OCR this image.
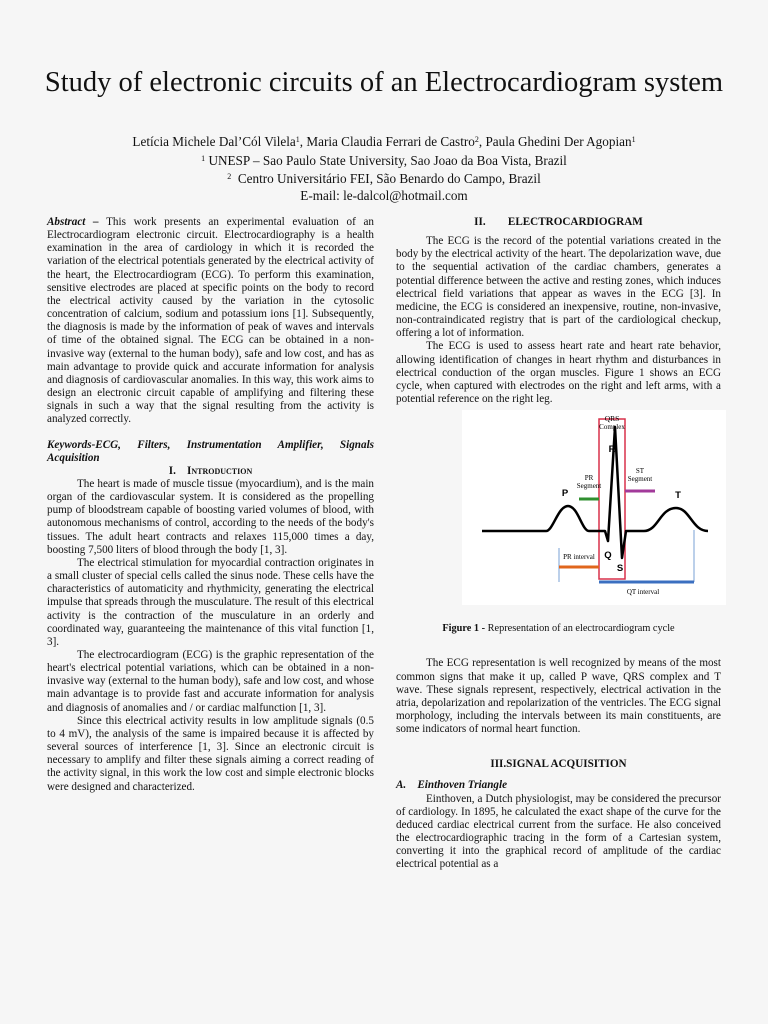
Study of electronic circuits of an Electrocardiogram system
Letícia Michele Dal’Cól Vilela$^1$, Maria Claudia Ferrari de Castro$^2$, Paula Ghedini Der Agopian$^1$
$^1$ UNESP – Sao Paulo State University, Sao Joao da Boa Vista, Brazil
$^2$ Centro Universitário FEI, São Benardo do Campo, Brazil
E-mail: le-dalcol@hotmail.com

Abstract – This work presents an experimental evaluation of an Electrocardiogram electronic circuit. Electrocardiography is a health examination in the area of cardiology in which it is recorded the variation of the electrical potentials generated by the electrical activity of the heart, the Electrocardiogram (ECG). To perform this examination, sensitive electrodes are placed at specific points on the body to record the electrical activity caused by the variation in the cytosolic concentration of calcium, sodium and potassium ions [1]. Subsequently, the diagnosis is made by the information of peak of waves and intervals of time of the obtained signal. The ECG can be obtained in a non-invasive way (external to the human body), safe and low cost, and has as main advantage to provide quick and accurate information for analysis and diagnosis of cardiovascular anomalies. In this way, this work aims to design an electronic circuit capable of amplifying and filtering these signals in such a way that the signal resulting from the activity is analyzed correctly.

Keywords-ECG, Filters, Instrumentation Amplifier, Signals Acquisition

I. Introduction

The heart is made of muscle tissue (myocardium), and is the main organ of the cardiovascular system. It is considered as the propelling pump of bloodstream capable of boosting varied volumes of blood, with autonomous mechanisms of control, according to the needs of the body's tissues. The adult heart contracts and relaxes 115,000 times a day, boosting 7,500 liters of blood through the body [1, 3].

The electrical stimulation for myocardial contraction originates in a small cluster of special cells called the sinus node. These cells have the characteristics of automaticity and rhythmicity, generating the electrical impulse that spreads through the musculature. The result of this electrical activity is the contraction of the musculature in an orderly and coordinated way, guaranteeing the maintenance of this vital function [1, 3].

The electrocardiogram (ECG) is the graphic representation of the heart's electrical potential variations, which can be obtained in a non-invasive way (external to the human body), safe and low cost, and whose main advantage is to provide fast and accurate information for analysis and diagnosis of anomalies and / or cardiac malfunction [1, 3].

Since this electrical activity results in low amplitude signals (0.5 to 4 mV), the analysis of the same is impaired because it is affected by several sources of interference [1, 3]. Since an electronic circuit is necessary to amplify and filter these signals aiming a correct reading of the activity signal, in this work the low cost and simple electronic blocks were designed and characterized.

II.  ELECTROCARDIOGRAM

The ECG is the record of the potential variations created in the body by the electrical activity of the heart. The depolarization wave, due to the sequential activation of the cardiac chambers, generates a potential difference between the active and resting zones, which induces electrical field variations that appear as waves in the ECG [3]. In medicine, the ECG is considered an inexpensive, routine, non-invasive, non-contraindicated registry that is part of the cardiological checkup, offering a lot of information.

The ECG is used to assess heart rate and heart rate behavior, allowing identification of changes in heart rhythm and disturbances in electrical conduction of the organ muscles. Figure 1 shows an ECG cycle, when captured with electrodes on the right and left arms, with a potential reference on the right leg.

QRS
Complex
R
PR
Segment
ST
Segment
P	T
Q
S
PR interval
QT interval

Figure 1 - Representation of an electrocardiogram cycle

The ECG representation is well recognized by means of the most common signs that make it up, called P wave, QRS complex and T wave. These signals represent, respectively, electrical activation in the atria, depolarization and repolarization of the ventricles. The ECG signal morphology, including the intervals between its main constituents, are some indicators of normal heart function.

III.SIGNAL ACQUISITION

A. Einthoven Triangle

Einthoven, a Dutch physiologist, may be considered the precursor of cardiology. In 1895, he calculated the exact shape of the curve for the deduced cardiac electrical current from the surface. He also conceived the electrocardiographic tracing in the form of a Cartesian system, converting it into the graphical record of amplitude of the cardiac electrical potential as a
